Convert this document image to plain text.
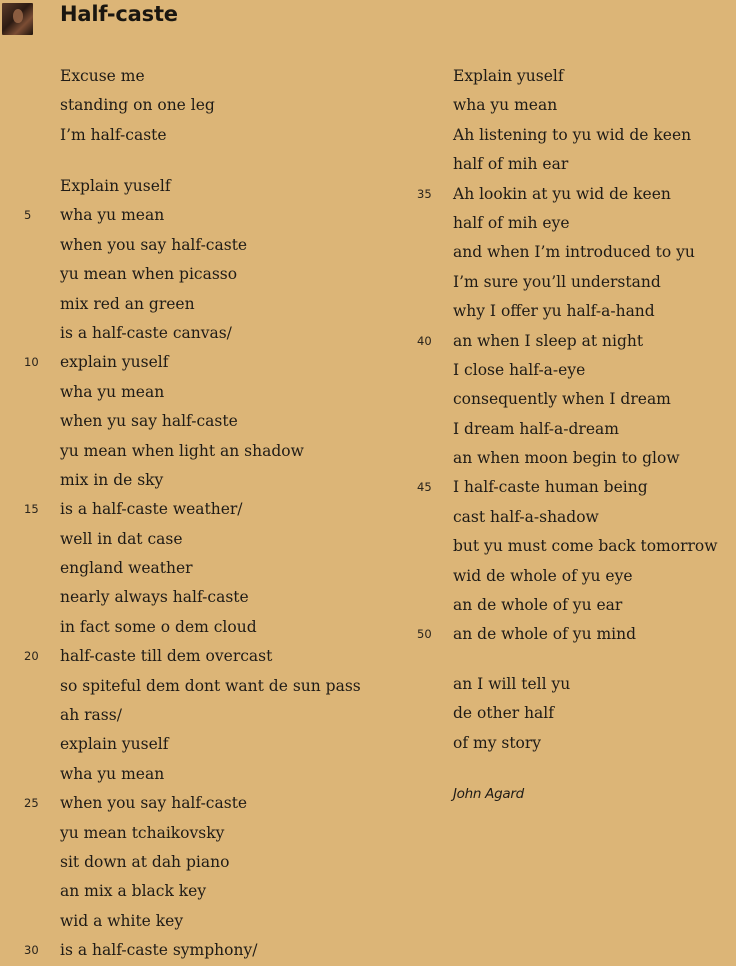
Half-caste
Excuse me
standing on one leg
I’m half-caste
Explain yuself
5	wha yu mean
when you say half-caste
yu mean when picasso
mix red an green
is a half-caste canvas/
10	explain yuself
wha yu mean
when yu say half-caste
yu mean when light an shadow
mix in de sky
15	is a half-caste weather/
well in dat case
england weather
nearly always half-caste
in fact some o dem cloud
20	half-caste till dem overcast
so spiteful dem dont want de sun pass
ah rass/
explain yuself
wha yu mean
25	when you say half-caste
yu mean tchaikovsky
sit down at dah piano
an mix a black key
wid a white key
30	is a half-caste symphony/
Explain yuself
wha yu mean
Ah listening to yu wid de keen
half of mih ear
35	Ah lookin at yu wid de keen
half of mih eye
and when I’m introduced to yu
I’m sure you’ll understand
why I offer yu half-a-hand
40	an when I sleep at night
I close half-a-eye
consequently when I dream
I dream half-a-dream
an when moon begin to glow
45	I half-caste human being
cast half-a-shadow
but yu must come back tomorrow
wid de whole of yu eye
an de whole of yu ear
50	an de whole of yu mind
an I will tell yu
de other half
of my story
John Agard
